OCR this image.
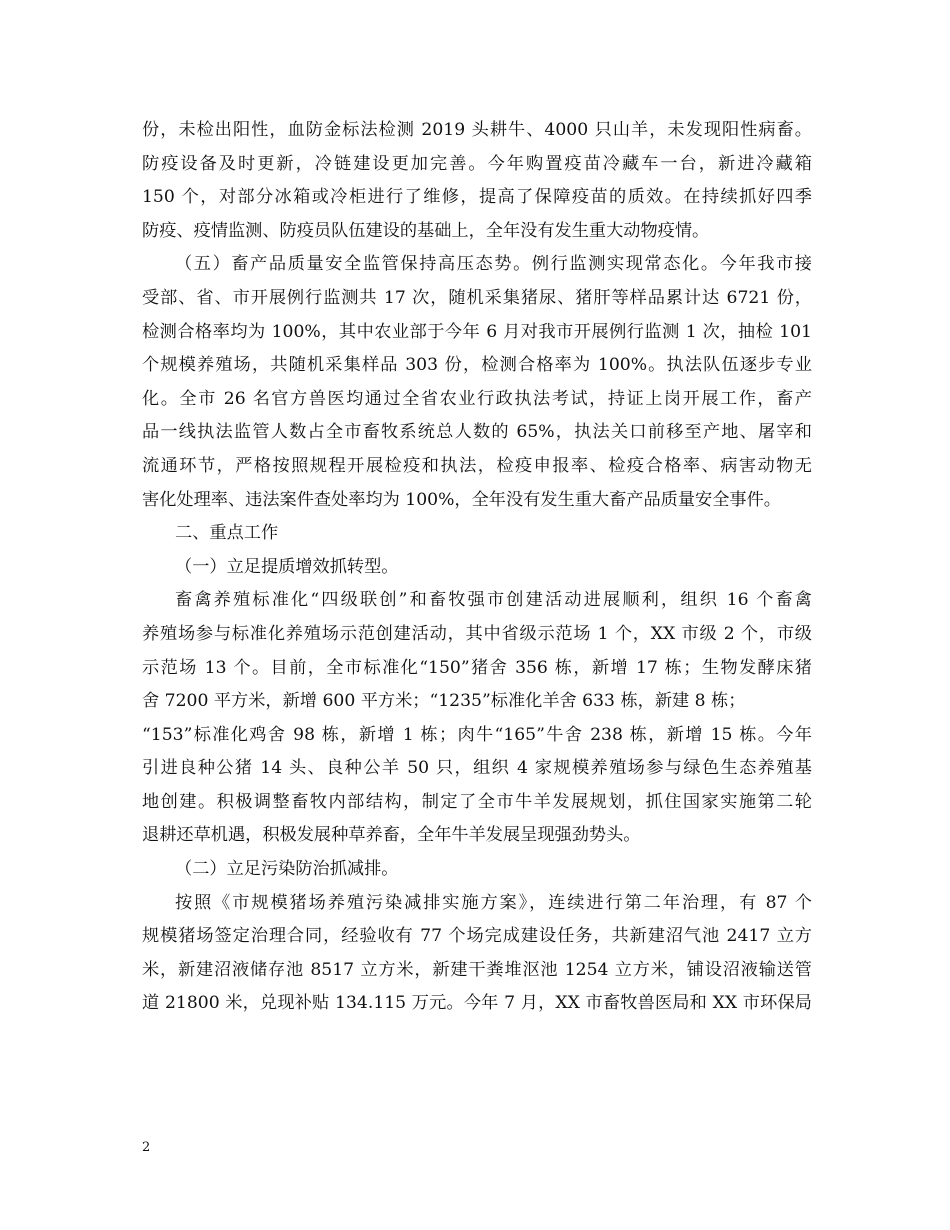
份，未检出阳性，血防金标法检测 2019 头耕牛、4000 只山羊，未发现阳性病畜。
防疫设备及时更新，冷链建设更加完善。今年购置疫苗冷藏车一台，新进冷藏箱
150 个，对部分冰箱或冷柜进行了维修，提高了保障疫苗的质效。在持续抓好四季
防疫、疫情监测、防疫员队伍建设的基础上，全年没有发生重大动物疫情。
（五）畜产品质量安全监管保持高压态势。例行监测实现常态化。今年我市接
受部、省、市开展例行监测共 17 次，随机采集猪尿、猪肝等样品累计达 6721 份，
检测合格率均为 100%，其中农业部于今年 6 月对我市开展例行监测 1 次，抽检 101
个规模养殖场，共随机采集样品 303 份，检测合格率为 100%。执法队伍逐步专业
化。全市 26 名官方兽医均通过全省农业行政执法考试，持证上岗开展工作，畜产
品一线执法监管人数占全市畜牧系统总人数的 65%，执法关口前移至产地、屠宰和
流通环节，严格按照规程开展检疫和执法，检疫申报率、检疫合格率、病害动物无
害化处理率、违法案件查处率均为 100%，全年没有发生重大畜产品质量安全事件。
二、重点工作
（一）立足提质增效抓转型。
畜禽养殖标准化“四级联创”和畜牧强市创建活动进展顺利，组织 16 个畜禽
养殖场参与标准化养殖场示范创建活动，其中省级示范场 1 个，XX 市级 2 个，市级
示范场 13 个。目前，全市标准化“150”猪舍 356 栋，新增 17 栋；生物发酵床猪
舍 7200 平方米，新增 600 平方米；“1235”标准化羊舍 633 栋，新建 8 栋；
“153”标准化鸡舍 98 栋，新增 1 栋；肉牛“165”牛舍 238 栋，新增 15 栋。今年
引进良种公猪 14 头、良种公羊 50 只，组织 4 家规模养殖场参与绿色生态养殖基
地创建。积极调整畜牧内部结构，制定了全市牛羊发展规划，抓住国家实施第二轮
退耕还草机遇，积极发展种草养畜，全年牛羊发展呈现强劲势头。
（二）立足污染防治抓减排。
按照《市规模猪场养殖污染减排实施方案》，连续进行第二年治理，有 87 个
规模猪场签定治理合同，经验收有 77 个场完成建设任务，共新建沼气池 2417 立方
米，新建沼液储存池 8517 立方米，新建干粪堆沤池 1254 立方米，铺设沼液输送管
道 21800 米，兑现补贴 134.115 万元。今年 7 月，XX 市畜牧兽医局和 XX 市环保局
2
